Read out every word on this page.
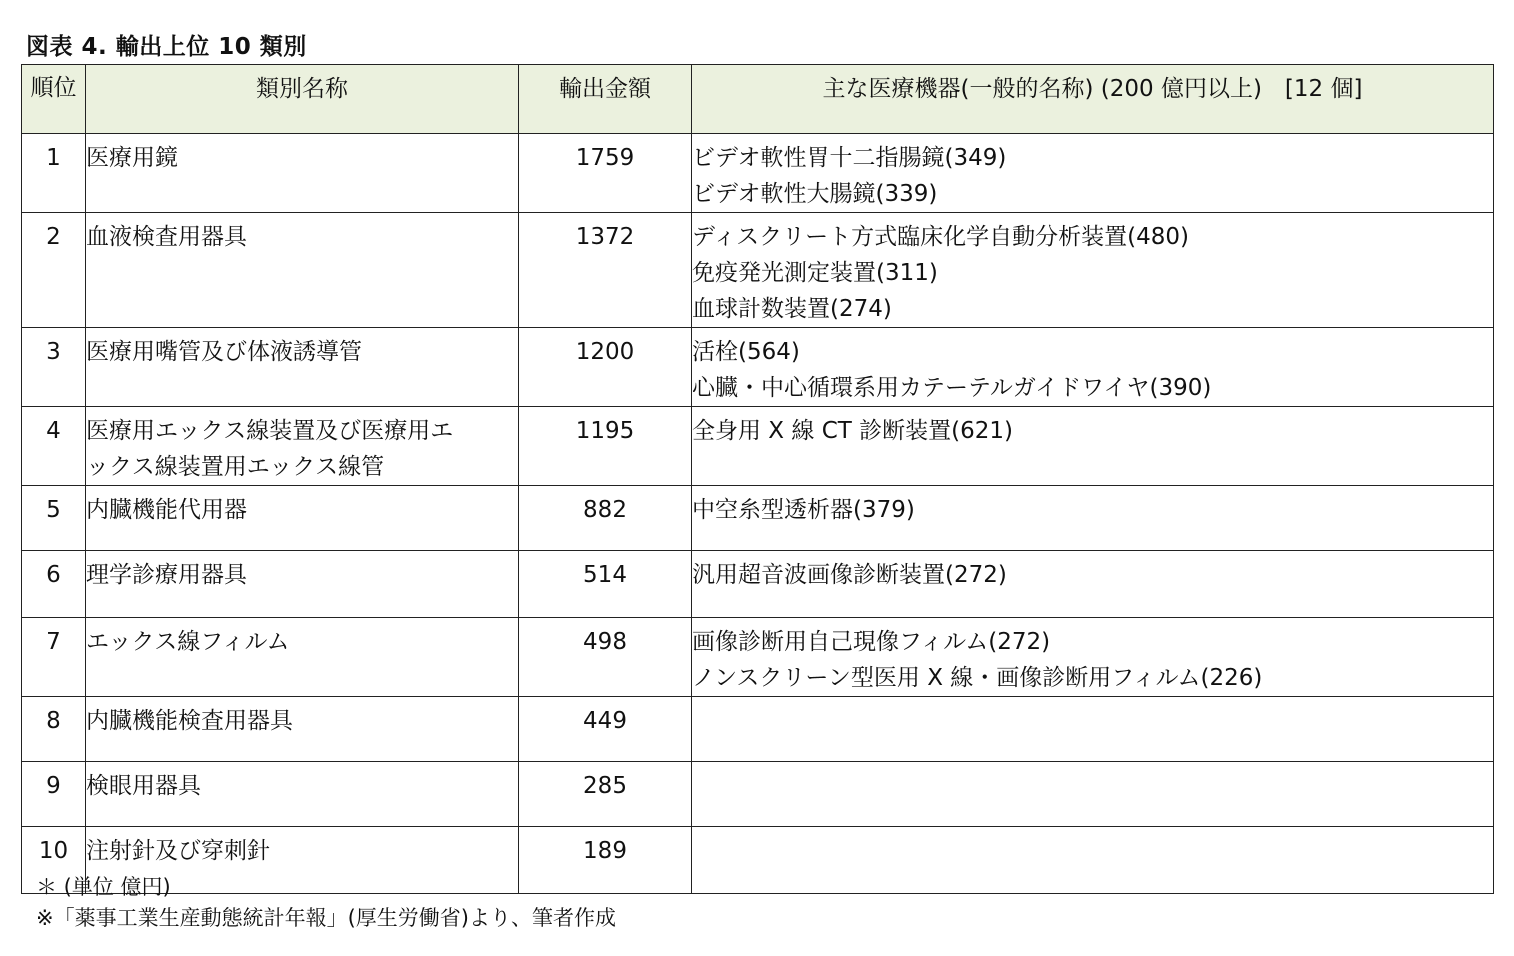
図表 4. 輸出上位 10 類別
順位	類別名称	輸出金額	主な医療機器(一般的名称) (200 億円以上)　[12 個]

1	医療用鏡	1759	ビデオ軟性胃十二指腸鏡(349)
ビデオ軟性大腸鏡(339)

2	血液検査用器具	1372	ディスクリート方式臨床化学自動分析装置(480)
免疫発光測定装置(311)
血球計数装置(274)

3	医療用嘴管及び体液誘導管	1200	活栓(564)
心臓・中心循環系用カテーテルガイドワイヤ(390)

4	医療用エックス線装置及び医療用エ
ックス線装置用エックス線管	1195	全身用 X 線 CT 診断装置(621)

5	内臓機能代用器	882	中空糸型透析器(379)

6	理学診療用器具	514	汎用超音波画像診断装置(272)

7	エックス線フィルム	498	画像診断用自己現像フィルム(272)
ノンスクリーン型医用 X 線・画像診断用フィルム(226)

8	内臓機能検査用器具	449	

9	検眼用器具	285	

10	注射針及び穿刺針	189	

＊ (単位 億円)
※「薬事工業生産動態統計年報」(厚生労働省)より、筆者作成
